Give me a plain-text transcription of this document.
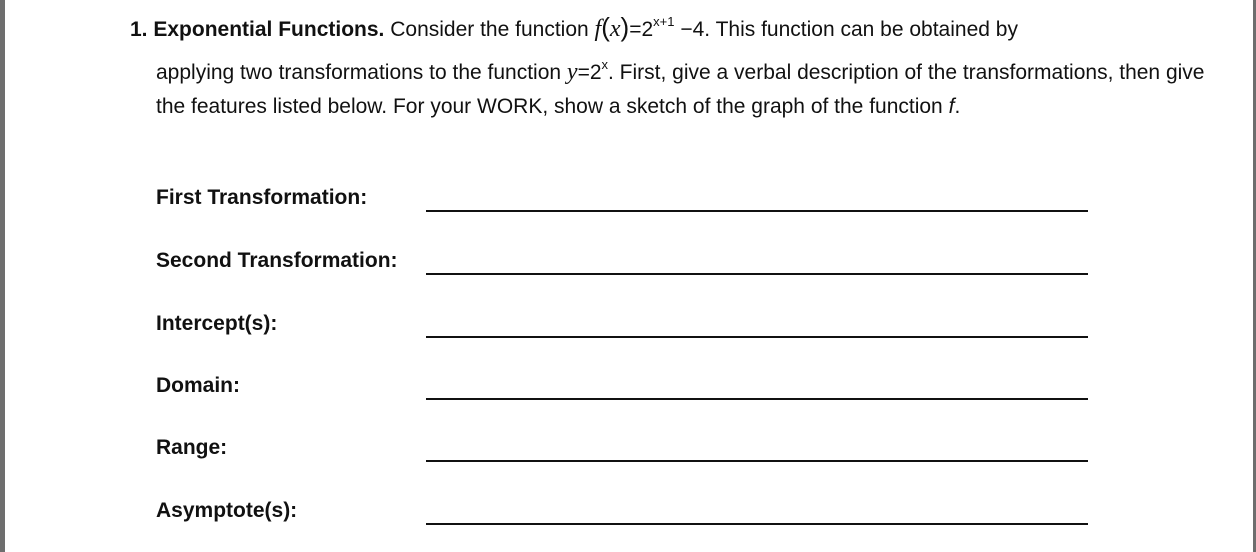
1. Exponential Functions. Consider the function $f(x)=2^{x+1} -4$. This function can be obtained by
applying two transformations to the function $y=2^x$. First, give a verbal description of the transformations, then give the features listed below. For your WORK, show a sketch of the graph of the function f.
First Transformation:
Second Transformation:
Intercept(s):
Domain:
Range:
Asymptote(s):
